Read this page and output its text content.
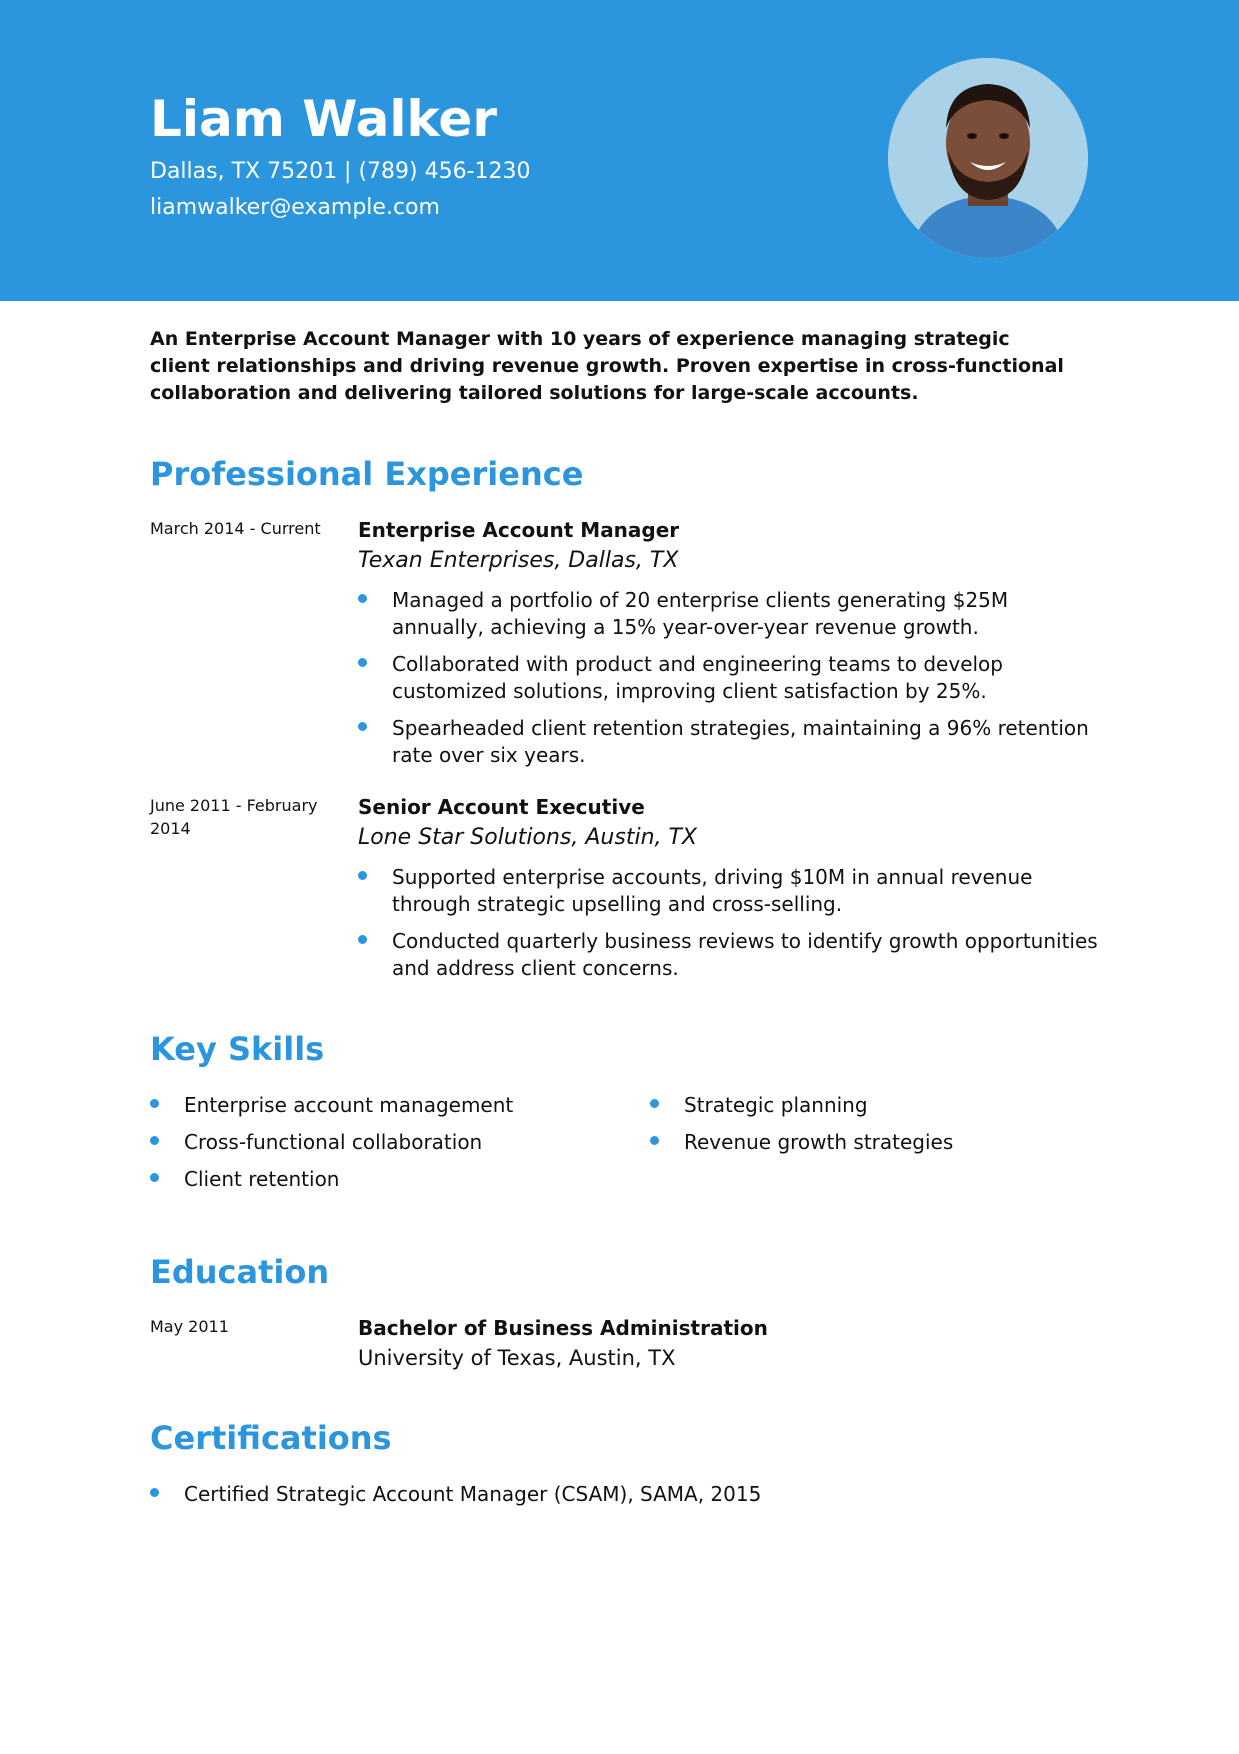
Liam Walker
Dallas, TX 75201 | (789) 456-1230
liamwalker@example.com
An Enterprise Account Manager with 10 years of experience managing strategic client relationships and driving revenue growth. Proven expertise in cross-functional collaboration and delivering tailored solutions for large-scale accounts.
Professional Experience
March 2014 - Current	Enterprise Account Manager
Texan Enterprises, Dallas, TX
Managed a portfolio of 20 enterprise clients generating $25M annually, achieving a 15% year-over-year revenue growth.
Collaborated with product and engineering teams to develop customized solutions, improving client satisfaction by 25%.
Spearheaded client retention strategies, maintaining a 96% retention rate over six years.
June 2011 - February 2014
Senior Account Executive
Lone Star Solutions, Austin, TX
Supported enterprise accounts, driving $10M in annual revenue through strategic upselling and cross-selling.
Conducted quarterly business reviews to identify growth opportunities and address client concerns.
Key Skills
Enterprise account management
Cross-functional collaboration
Client retention
Strategic planning
Revenue growth strategies
Education
May 2011	Bachelor of Business Administration
University of Texas, Austin, TX
Certifications
Certified Strategic Account Manager (CSAM), SAMA, 2015
